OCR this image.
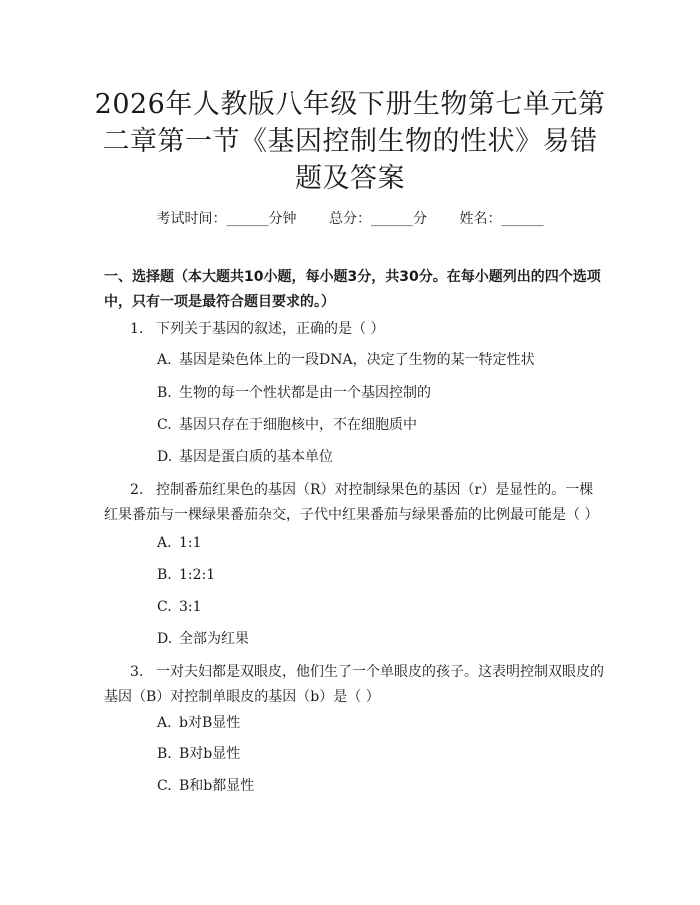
2026年人教版八年级下册生物第七单元第二章第一节《基因控制生物的性状》易错题及答案
考试时间：______分钟 总分：______分 姓名：______
一、选择题（本大题共10小题，每小题3分，共30分。在每小题列出的四个选项中，只有一项是最符合题目要求的。）
1. 下列关于基因的叙述，正确的是（ ）
A. 基因是染色体上的一段DNA，决定了生物的某一特定性状
B. 生物的每一个性状都是由一个基因控制的
C. 基因只存在于细胞核中，不在细胞质中
D. 基因是蛋白质的基本单位
2. 控制番茄红果色的基因（R）对控制绿果色的基因（r）是显性的。一棵红果番茄与一棵绿果番茄杂交，子代中红果番茄与绿果番茄的比例最可能是（ ）
A. 1:1
B. 1:2:1
C. 3:1
D. 全部为红果
3. 一对夫妇都是双眼皮，他们生了一个单眼皮的孩子。这表明控制双眼皮的基因（B）对控制单眼皮的基因（b）是（ ）
A. b对B显性
B. B对b显性
C. B和b都显性
